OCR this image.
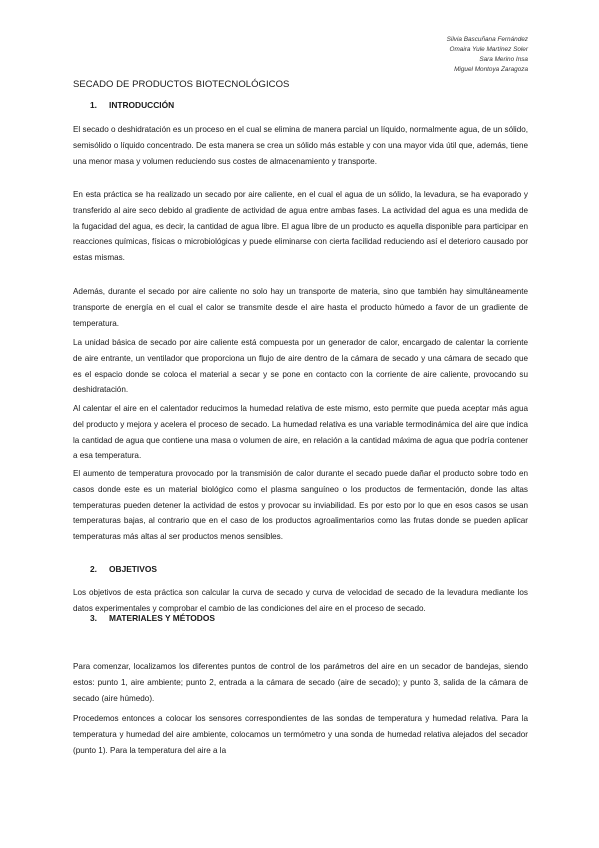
Silvia Bascuñana Fernández
Omaira Yule Martínez Soler
Sara Merino Insa
Miguel Montoya Zaragoza
SECADO DE PRODUCTOS BIOTECNOLÓGICOS
1. INTRODUCCIÓN

El secado o deshidratación es un proceso en el cual se elimina de manera parcial un líquido, normalmente agua, de un sólido, semisólido o líquido concentrado. De esta manera se crea un sólido más estable y con una mayor vida útil que, además, tiene una menor masa y volumen reduciendo sus costes de almacenamiento y transporte.

En esta práctica se ha realizado un secado por aire caliente, en el cual el agua de un sólido, la levadura, se ha evaporado y transferido al aire seco debido al gradiente de actividad de agua entre ambas fases. La actividad del agua es una medida de la fugacidad del agua, es decir, la cantidad de agua libre. El agua libre de un producto es aquella disponible para participar en reacciones químicas, físicas o microbiológicas y puede eliminarse con cierta facilidad reduciendo así el deterioro causado por estas mismas.

Además, durante el secado por aire caliente no solo hay un transporte de materia, sino que también hay simultáneamente transporte de energía en el cual el calor se transmite desde el aire hasta el producto húmedo a favor de un gradiente de temperatura.

La unidad básica de secado por aire caliente está compuesta por un generador de calor, encargado de calentar la corriente de aire entrante, un ventilador que proporciona un flujo de aire dentro de la cámara de secado y una cámara de secado que es el espacio donde se coloca el material a secar y se pone en contacto con la corriente de aire caliente, provocando su deshidratación.

Al calentar el aire en el calentador reducimos la humedad relativa de este mismo, esto permite que pueda aceptar más agua del producto y mejora y acelera el proceso de secado. La humedad relativa es una variable termodinámica del aire que indica la cantidad de agua que contiene una masa o volumen de aire, en relación a la cantidad máxima de agua que podría contener a esa temperatura.

El aumento de temperatura provocado por la transmisión de calor durante el secado puede dañar el producto sobre todo en casos donde este es un material biológico como el plasma sanguíneo o los productos de fermentación, donde las altas temperaturas pueden detener la actividad de estos y provocar su inviabilidad. Es por esto por lo que en esos casos se usan temperaturas bajas, al contrario que en el caso de los productos agroalimentarios como las frutas donde se pueden aplicar temperaturas más altas al ser productos menos sensibles.

2. OBJETIVOS

Los objetivos de esta práctica son calcular la curva de secado y curva de velocidad de secado de la levadura mediante los datos experimentales y comprobar el cambio de las condiciones del aire en el proceso de secado.

3. MATERIALES Y MÉTODOS

Para comenzar, localizamos los diferentes puntos de control de los parámetros del aire en un secador de bandejas, siendo estos: punto 1, aire ambiente; punto 2, entrada a la cámara de secado (aire de secado); y punto 3, salida de la cámara de secado (aire húmedo).

Procedemos entonces a colocar los sensores correspondientes de las sondas de temperatura y humedad relativa. Para la temperatura y humedad del aire ambiente, colocamos un termómetro y una sonda de humedad relativa alejados del secador (punto 1). Para la temperatura del aire a la
